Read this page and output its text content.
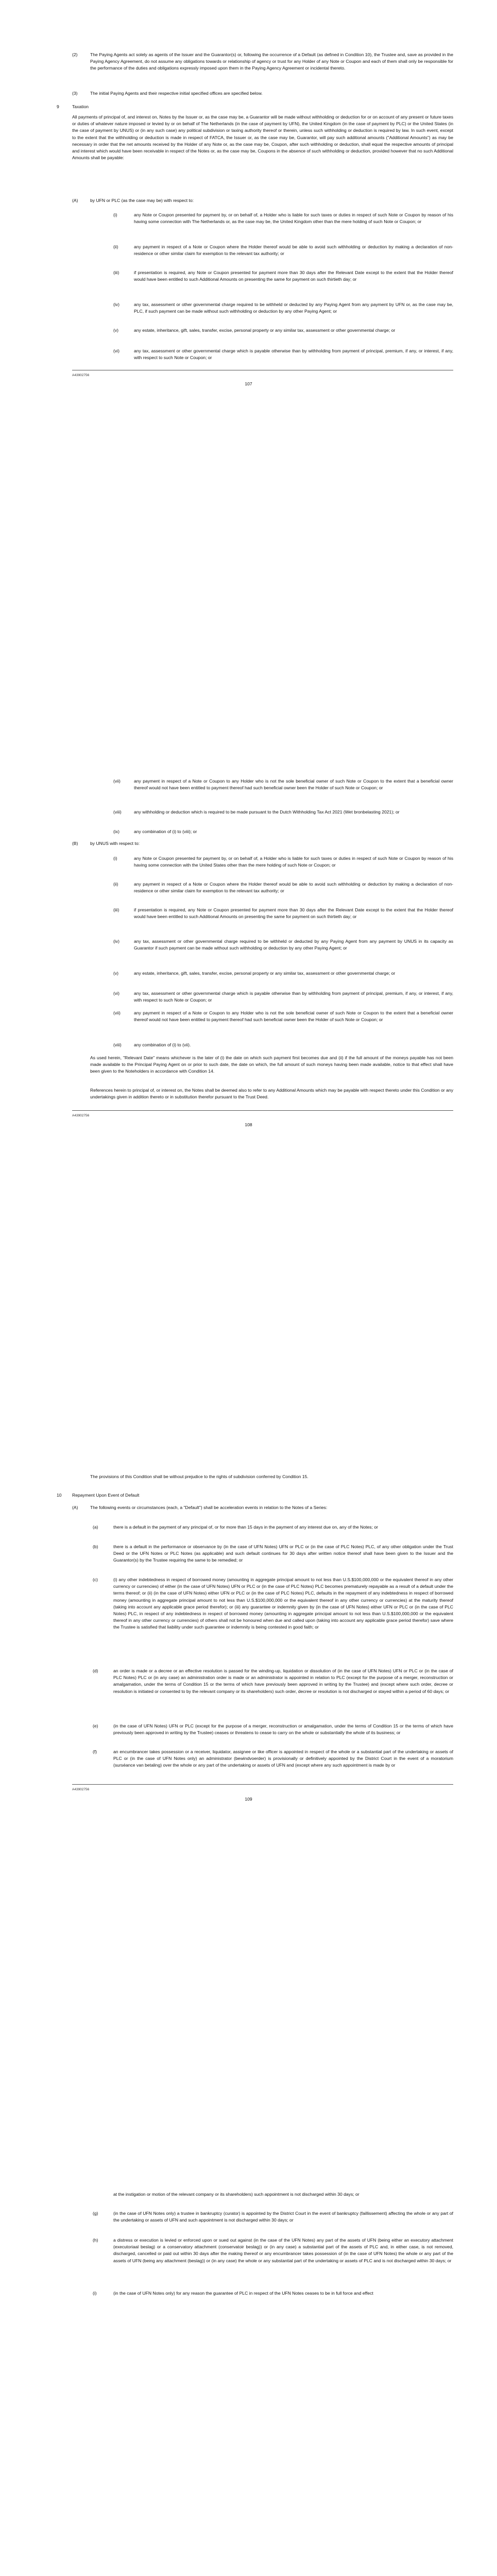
(2)	The Paying Agents act solely as agents of the Issuer and the Guarantor(s) or, following the occurrence of a Default (as defined in Condition 10), the Trustee and, save as provided in the Paying Agency Agreement, do not assume any obligations towards or relationship of agency or trust for any Holder of any Note or Coupon and each of them shall only be responsible for the performance of the duties and obligations expressly imposed upon them in the Paying Agency Agreement or incidental thereto.
(3)	The initial Paying Agents and their respective initial specified offices are specified below.
9	Taxation
All payments of principal of, and interest on, Notes by the Issuer or, as the case may be, a Guarantor will be made without withholding or deduction for or on account of any present or future taxes or duties of whatever nature imposed or levied by or on behalf of The Netherlands (in the case of payment by UFN), the United Kingdom (in the case of payment by PLC) or the United States (in the case of payment by UNUS) or (in any such case) any political subdivision or taxing authority thereof or therein, unless such withholding or deduction is required by law. In such event, except to the extent that the withholding or deduction is made in respect of FATCA, the Issuer or, as the case may be, Guarantor, will pay such additional amounts ("Additional Amounts") as may be necessary in order that the net amounts received by the Holder of any Note or, as the case may be, Coupon, after such withholding or deduction, shall equal the respective amounts of principal and interest which would have been receivable in respect of the Notes or, as the case may be, Coupons in the absence of such withholding or deduction, provided however that no such Additional Amounts shall be payable:
(A)	by UFN or PLC (as the case may be) with respect to:
(i)	any Note or Coupon presented for payment by, or on behalf of, a Holder who is liable for such taxes or duties in respect of such Note or Coupon by reason of his having some connection with The Netherlands or, as the case may be, the United Kingdom other than the mere holding of such Note or Coupon; or
(ii)	any payment in respect of a Note or Coupon where the Holder thereof would be able to avoid such withholding or deduction by making a declaration of non-residence or other similar claim for exemption to the relevant tax authority; or
(iii)	if presentation is required, any Note or Coupon presented for payment more than 30 days after the Relevant Date except to the extent that the Holder thereof would have been entitled to such Additional Amounts on presenting the same for payment on such thirtieth day; or
(iv)	any tax, assessment or other governmental charge required to be withheld or deducted by any Paying Agent from any payment by UFN or, as the case may be, PLC, if such payment can be made without such withholding or deduction by any other Paying Agent; or
(v)	any estate, inheritance, gift, sales, transfer, excise, personal property or any similar tax, assessment or other governmental charge; or
(vi)	any tax, assessment or other governmental charge which is payable otherwise than by withholding from payment of principal, premium, if any, or interest, if any, with respect to such Note or Coupon; or
A43902756
107
(vii)	any payment in respect of a Note or Coupon to any Holder who is not the sole beneficial owner of such Note or Coupon to the extent that a beneficial owner thereof would not have been entitled to payment thereof had such beneficial owner been the Holder of such Note or Coupon; or
(viii)	any withholding or deduction which is required to be made pursuant to the Dutch Withholding Tax Act 2021 (Wet bronbelasting 2021); or
(ix)	any combination of (i) to (viii); or
(B)	by UNUS with respect to:
(i)	any Note or Coupon presented for payment by, or on behalf of, a Holder who is liable for such taxes or duties in respect of such Note or Coupon by reason of his having some connection with the United States other than the mere holding of such Note or Coupon; or
(ii)	any payment in respect of a Note or Coupon where the Holder thereof would be able to avoid such withholding or deduction by making a declaration of non-residence or other similar claim for exemption to the relevant tax authority; or
(iii)	if presentation is required, any Note or Coupon presented for payment more than 30 days after the Relevant Date except to the extent that the Holder thereof would have been entitled to such Additional Amounts on presenting the same for payment on such thirtieth day; or
(iv)	any tax, assessment or other governmental charge required to be withheld or deducted by any Paying Agent from any payment by UNUS in its capacity as Guarantor if such payment can be made without such withholding or deduction by any other Paying Agent; or
(v)	any estate, inheritance, gift, sales, transfer, excise, personal property or any similar tax, assessment or other governmental charge; or
(vi)	any tax, assessment or other governmental charge which is payable otherwise than by withholding from payment of principal, premium, if any, or interest, if any, with respect to such Note or Coupon; or
(vii)	any payment in respect of a Note or Coupon to any Holder who is not the sole beneficial owner of such Note or Coupon to the extent that a beneficial owner thereof would not have been entitled to payment thereof had such beneficial owner been the Holder of such Note or Coupon; or
(viii)	any combination of (i) to (vii).
As used herein, "Relevant Date" means whichever is the later of (i) the date on which such payment first becomes due and (ii) if the full amount of the moneys payable has not been made available to the Principal Paying Agent on or prior to such date, the date on which, the full amount of such moneys having been made available, notice to that effect shall have been given to the Noteholders in accordance with Condition 14.
References herein to principal of, or interest on, the Notes shall be deemed also to refer to any Additional Amounts which may be payable with respect thereto under this Condition or any undertakings given in addition thereto or in substitution therefor pursuant to the Trust Deed.
A43902756
108
The provisions of this Condition shall be without prejudice to the rights of subdivision conferred by Condition 15.
10 Repayment Upon Event of Default
(A)	The following events or circumstances (each, a "Default") shall be acceleration events in relation to the Notes of a Series:
(a)	there is a default in the payment of any principal of, or for more than 15 days in the payment of any interest due on, any of the Notes; or
(b)	there is a default in the performance or observance by (in the case of UFN Notes) UFN or PLC or (in the case of PLC Notes) PLC, of any other obligation under the Trust Deed or the UFN Notes or PLC Notes (as applicable) and such default continues for 30 days after written notice thereof shall have been given to the Issuer and the Guarantor(s) by the Trustee requiring the same to be remedied; or
(c)	(i) any other indebtedness in respect of borrowed money (amounting in aggregate principal amount to not less than U.S.$100,000,000 or the equivalent thereof in any other currency or currencies) of either (in the case of UFN Notes) UFN or PLC or (in the case of PLC Notes) PLC becomes prematurely repayable as a result of a default under the terms thereof; or (ii) (in the case of UFN Notes) either UFN or PLC or (in the case of PLC Notes) PLC, defaults in the repayment of any indebtedness in respect of borrowed money (amounting in aggregate principal amount to not less than U.S.$100,000,000 or the equivalent thereof in any other currency or currencies) at the maturity thereof (taking into account any applicable grace period therefor); or (iii) any guarantee or indemnity given by (in the case of UFN Notes) either UFN or PLC or (in the case of PLC Notes) PLC, in respect of any indebtedness in respect of borrowed money (amounting in aggregate principal amount to not less than U.S.$100,000,000 or the equivalent thereof in any other currency or currencies) of others shall not be honoured when due and called upon (taking into account any applicable grace period therefor) save where the Trustee is satisfied that liability under such guarantee or indemnity is being contested in good faith; or
(d)	an order is made or a decree or an effective resolution is passed for the winding-up, liquidation or dissolution of (in the case of UFN Notes) UFN or PLC or (in the case of PLC Notes) PLC or (in any case) an administration order is made or an administrator is appointed in relation to PLC (except for the purpose of a merger, reconstruction or amalgamation, under the terms of Condition 15 or the terms of which have previously been approved in writing by the Trustee) and (except where such order, decree or resolution is initiated or consented to by the relevant company or its shareholders) such order, decree or resolution is not discharged or stayed within a period of 60 days; or
(e)	(in the case of UFN Notes) UFN or PLC (except for the purpose of a merger, reconstruction or amalgamation, under the terms of Condition 15 or the terms of which have previously been approved in writing by the Trustee) ceases or threatens to cease to carry on the whole or substantially the whole of its business; or
(f)	an encumbrancer takes possession or a receiver, liquidator, assignee or like officer is appointed in respect of the whole or a substantial part of the undertaking or assets of PLC or (in the case of UFN Notes only) an administrator (bewindvoerder) is provisionally or definitively appointed by the District Court in the event of a moratorium (surséance van betaling) over the whole or any part of the undertaking or assets of UFN and (except where any such appointment is made by or
A43902756
109
at the instigation or motion of the relevant company or its shareholders) such appointment is not discharged within 30 days; or
(g)	(in the case of UFN Notes only) a trustee in bankruptcy (curator) is appointed by the District Court in the event of bankruptcy (faillissement) affecting the whole or any part of the undertaking or assets of UFN and such appointment is not discharged within 30 days; or
(h)	a distress or execution is levied or enforced upon or sued out against (in the case of the UFN Notes) any part of the assets of UFN (being either an executory attachment (executoriaal beslag) or a conservatory attachment (conservatoir beslag)) or (in any case) a substantial part of the assets of PLC and, in either case, is not removed, discharged, cancelled or paid out within 30 days after the making thereof or any encumbrancer takes possession of (in the case of UFN Notes) the whole or any part of the assets of UFN (being any attachment (beslag)) or (in any case) the whole or any substantial part of the undertaking or assets of PLC and is not discharged within 30 days; or
(i)	(in the case of UFN Notes only) for any reason the guarantee of PLC in respect of the UFN Notes ceases to be in full force and effect
